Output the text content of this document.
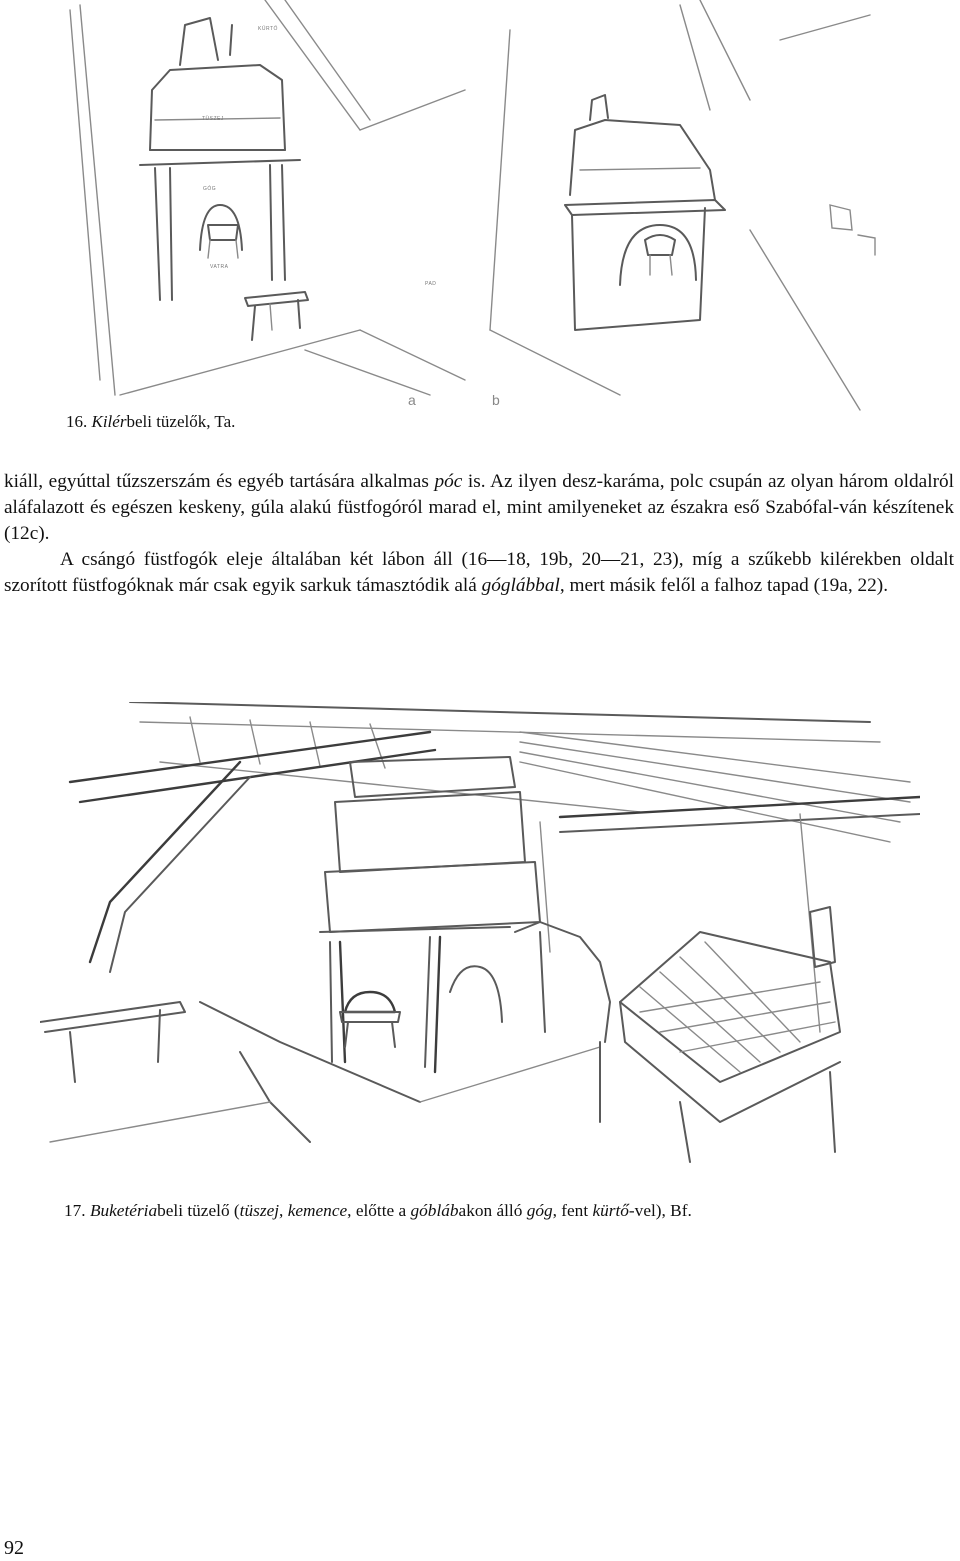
KÜRTŐ
TÜSZEJ
GÓG
VATRA
PAD
a	b
16. Kilérbeli tüzelők, Ta.

kiáll, egyúttal tűzszerszám és egyéb tartására alkalmas póc is. Az ilyen desz-karáma, polc csupán az olyan három oldalról aláfalazott és egészen keskeny, gúla alakú füstfogóról marad el, mint amilyeneket az északra eső Szabófal-ván készítenek (12c).

A csángó füstfogók eleje általában két lábon áll (16—18, 19b, 20—21, 23), míg a szűkebb kilérekben oldalt szorított füstfogóknak már csak egyik sarkuk támasztódik alá góglábbal, mert másik felől a falhoz tapad (19a, 22).

17. Buketériabeli tüzelő (tüszej, kemence, előtte a góblábakon álló góg, fent kürtő-vel), Bf.
92
